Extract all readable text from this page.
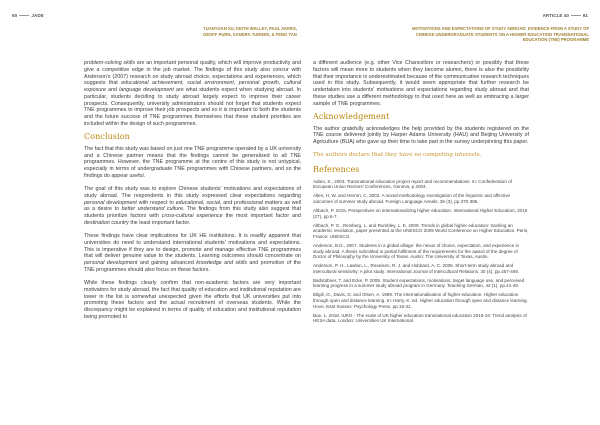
60	JADE	ARTICLE 40	61
YUANYUAN XU, KEITH WALLEY, PAUL AKERS, GEOFF PURN, SANDRA TURNER, & FENG TAN
MOTIVATIONS AND EXPECTATIONS OF STUDY ABROAD: EVIDENCE FROM A STUDY OF CHINESE UNDERGRADUATE STUDENTS ON A HIGHER EDUCATION TRANSNATIONAL EDUCATION (TNE) PROGRAMME

problem-solving skills are an important personal quality, which will improve productivity and give a competitive edge in the job market. The findings of this study also concur with Anderson's (2007) research on study abroad choice, expectations and experiences, which suggests that educational achievement, social environment, personal growth, cultural exposure and language development are what students expect when studying abroad. In particular, students deciding to study abroad largely expect to improve their career prospects. Consequently, university administrators should not forget that students expect TNE programmes to improve their job prospects and so it is important to both the students and the future success of TNE programmes themselves that these student priorities are included within the design of such programmes.

Conclusion

The fact that this study was based on just one TNE programme operated by a UK university and a Chinese partner means that the findings cannot be generalised to all TNE programmes. However, the TNE programme at the centre of this study is not untypical, especially in terms of undergraduate TNE programmes with Chinese partners, and so the findings do appear useful.

The goal of this study was to explore Chinese students' motivations and expectations of study abroad. The respondents in this study expressed clear expectations regarding personal development with respect to educational, social, and professional matters as well as a desire to better understand culture. The findings from this study also suggest that students prioritize factors with cross-cultural experience the most important factor and destination country the least important factor.

These findings have clear implications for UK HE institutions. It is readily apparent that universities do need to understand international students' motivations and expectations. This is imperative if they are to design, promote and manage effective TNE programmes that will deliver genuine value to the students. Learning outcomes should concentrate on personal development and gaining advanced knowledge and skills and promotion of the TNE programmes should also focus on these factors.

While these findings clearly confirm that non-academic factors are very important motivators for study abroad, the fact that quality of education and institutional reputation are lower in the list is somewhat unexpected given the efforts that UK universities put into promoting these factors and the actual recruitment of overseas students. While the discrepancy might be explained in terms of quality of education and institutional reputation being promoted to

a different audience (e.g. other Vice Chancellors or researchers) or possibly that these factors will mean more to students when they become alumni, there is also the possibility that their importance is underestimated because of the communicative research techniques used in this study. Subsequently, it would seem appropriate that further research be undertaken into students' motivations and expectations regarding study abroad and that these studies use a different methodology to that used here as well as embracing a larger sample of TNE programmes.

Acknowledgement

The author gratefully acknowledges the help provided by the students registered on the TNE course delivered jointly by Harper Adams University (HAU) and Beijing University of Agriculture (BUA) who gave up their time to take part in the survey underpinning this paper.

The authors declare that they have no competing interests.
References
Adam, S., 2003. Transnational education project report and recommendations. In: Confederation of European Union Rectors' Conferences, Geneva, p.2004.
Allen, H. W. and Herron, C. 2003. A mixed-methodology investigation of the linguistic and affective outcomes of summer study abroad. Foreign Language Annals, 36 (3), pp.370-385.
Altbach, P. 2015. Perspectives on internationalizing higher education. International Higher Education, 2015 (27), pp.6-7.
Altbach, P. G., Reisberg, L. and Rumbley, L. E. 2009. Trends in global higher education: tracking an academic revolution, paper presented at the UNESCO 2009 World Conference on Higher Education. Paris, France: UNESCO.
Anderson, B.D., 2007. Students in a global village: the nexus of choice, expectation, and experience in study abroad. A thesis submitted in partial fulfilment of the requirements for the award of the degree of Doctor of Philosophy by the University of Texas. Austin: The University of Texas, Austin.
Anderson, P. H., Lawton, L., Rexeisen, R. J. and Hubbard, A. C. 2006. Short-term study abroad and intercultural sensitivity: A pilot study. International Journal of Intercultural Relations, 30 (4), pp.457-469.
Badstübner, T. and Ecke, P. 2009. Student expectations, motivations, target language use, and perceived learning progress in a summer study abroad program in Germany. Teaching German, 42 (1), pp.41-49.
Bilgili, O., Davis, D. and Olsen, A. 1999. The internationalisation of higher education. Higher education through open and distance learning. In: Harry, K. ed. Higher education through open and distance learning. Hove, East Sussex: Psychology Press, pp.15-31.
Boe, L. 2018. IUKG - The scale of UK higher education transnational education 2015-16: Trend analysis of HESA data. London: Universities UK International.
